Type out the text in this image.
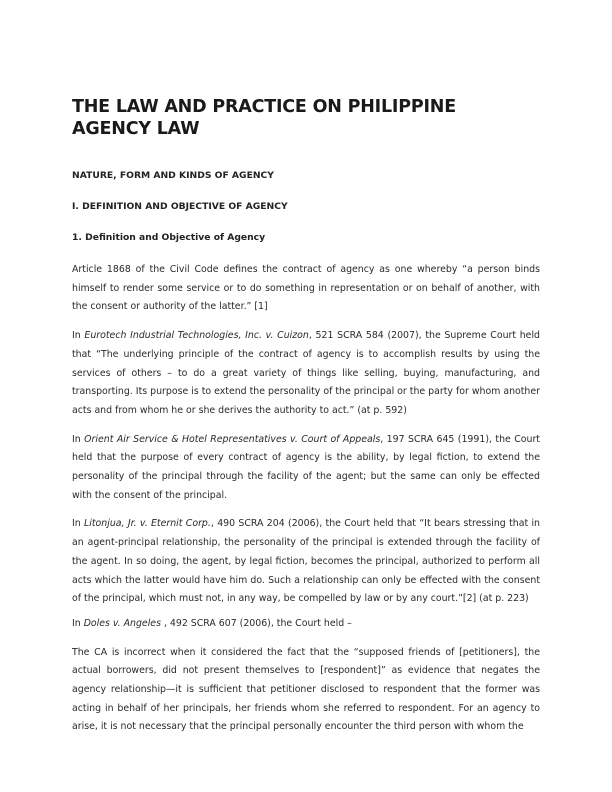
THE LAW AND PRACTICE ON PHILIPPINE
AGENCY LAW
NATURE, FORM AND KINDS OF AGENCY
I. DEFINITION AND OBJECTIVE OF AGENCY
1. Definition and Objective of Agency

Article 1868 of the Civil Code defines the contract of agency as one whereby “a person binds himself to render some service or to do something in representation or on behalf of another, with the consent or authority of the latter.” [1]

In Eurotech Industrial Technologies, Inc. v. Cuizon, 521 SCRA 584 (2007), the Supreme Court held that “The underlying principle of the contract of agency is to accomplish results by using the services of others – to do a great variety of things like selling, buying, manufacturing, and transporting. Its purpose is to extend the personality of the principal or the party for whom another acts and from whom he or she derives the authority to act.” (at p. 592)

In Orient Air Service & Hotel Representatives v. Court of Appeals, 197 SCRA 645 (1991), the Court held that the purpose of every contract of agency is the ability, by legal fiction, to extend the personality of the principal through the facility of the agent; but the same can only be effected with the consent of the principal.

In Litonjua, Jr. v. Eternit Corp., 490 SCRA 204 (2006), the Court held that “It bears stressing that in an agent-principal relationship, the personality of the principal is extended through the facility of the agent. In so doing, the agent, by legal fiction, becomes the principal, authorized to perform all acts which the latter would have him do. Such a relationship can only be effected with the consent of the principal, which must not, in any way, be compelled by law or by any court.”[2] (at p. 223)

In Doles v. Angeles , 492 SCRA 607 (2006), the Court held –

The CA is incorrect when it considered the fact that the “supposed friends of [petitioners], the actual borrowers, did not present themselves to [respondent]” as evidence that negates the agency relationship—it is sufficient that petitioner disclosed to respondent that the former was acting in behalf of her principals, her friends whom she referred to respondent. For an agency to arise, it is not necessary that the principal personally encounter the third person with whom the
